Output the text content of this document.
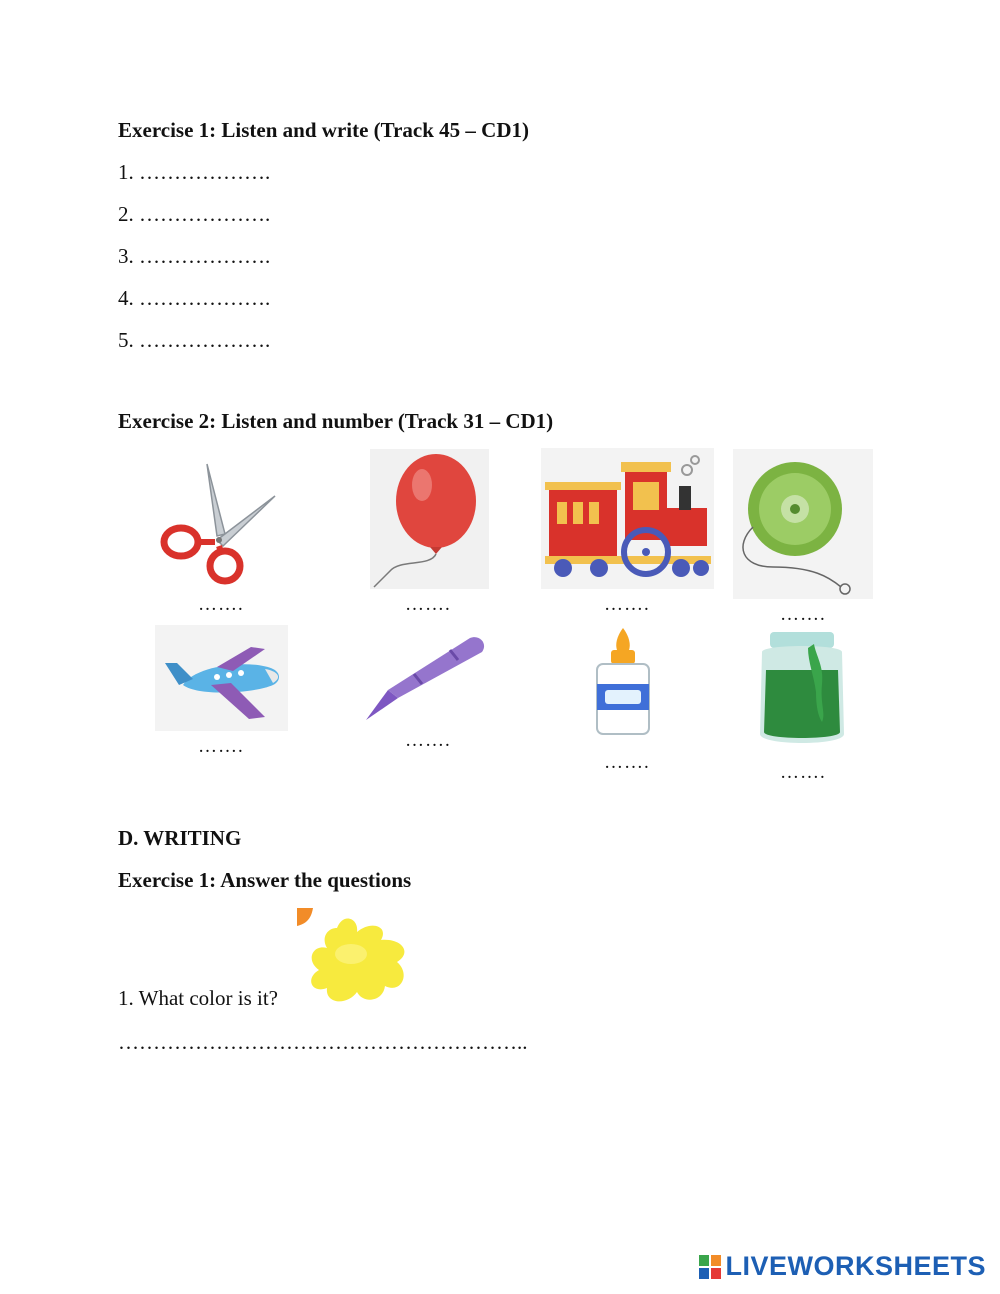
Exercise 1: Listen and write (Track 45 – CD1)
1. ……………….
2. ……………….
3. ……………….
4. ……………….
5. ……………….
Exercise 2: Listen and number (Track 31 – CD1)
…….	…….	…….	…….
…….	…….
…….	…….
D. WRITING
Exercise 1: Answer the questions
1. What color is it?
…………………………………………………..
LIVEWORKSHEETS
